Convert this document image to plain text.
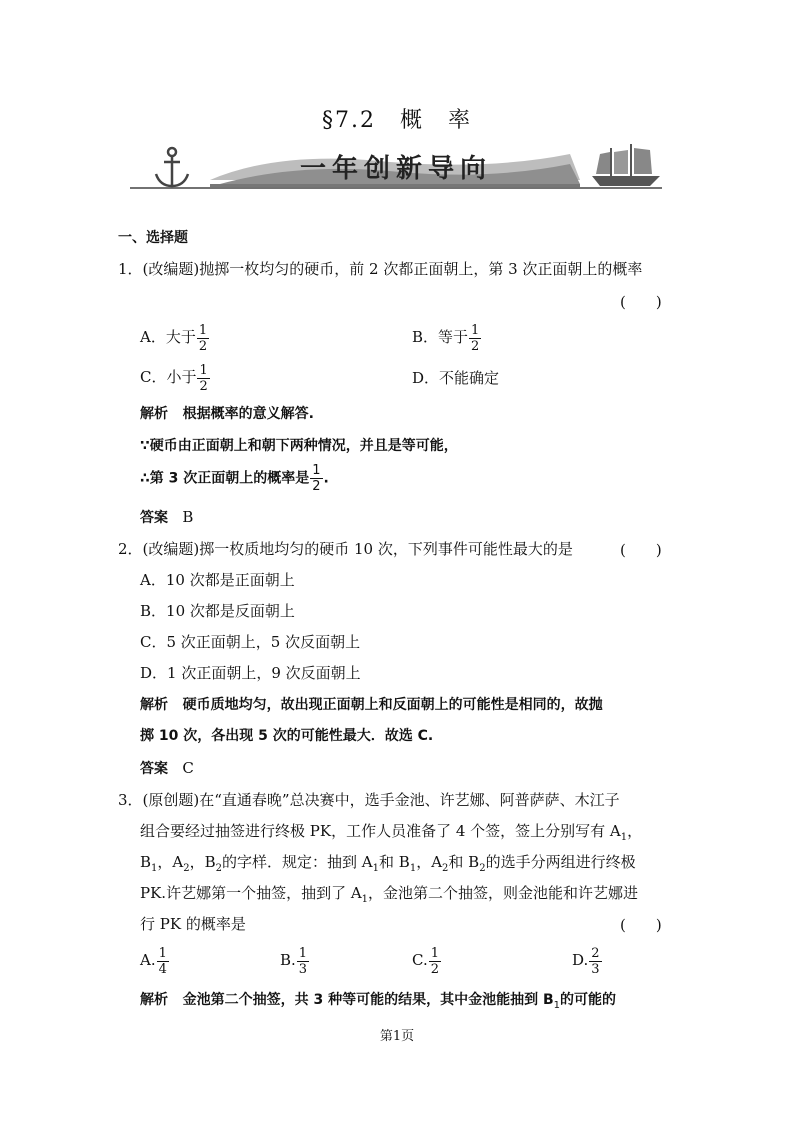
§7.2　概　率
一年创新导向
一、选择题
1．(改编题)抛掷一枚均匀的硬币，前 2 次都正面朝上，第 3 次正面朝上的概率
(　　)
A．大于 $\frac{1}{2}$	B．等于 $\frac{1}{2}$
C．小于 $\frac{1}{2}$	D．不能确定
解析 根据概率的意义解答.
∵硬币由正面朝上和朝下两种情况，并且是等可能，
∴第 3 次正面朝上的概率是 $\frac{1}{2}$ .
答案 B
2．(改编题)掷一枚质地均匀的硬币 10 次，下列事件可能性最大的是	(　　)
A．10 次都是正面朝上
B．10 次都是反面朝上
C．5 次正面朝上，5 次反面朝上
D．1 次正面朝上，9 次反面朝上
解析 硬币质地均匀，故出现正面朝上和反面朝上的可能性是相同的，故抛
掷 10 次，各出现 5 次的可能性最大．故选 C.
答案 C
3．(原创题)在“直通春晚”总决赛中，选手金池、许艺娜、阿普萨萨、木江子
组合要经过抽签进行终极 PK，工作人员准备了 4 个签，签上分别写有 $A_1$，
$B_1$，$A_2$，$B_2$的字样．规定：抽到 $A_1$和 $B_1$，$A_2$和 $B_2$的选手分两组进行终极
PK.许艺娜第一个抽签，抽到了 $A_1$，金池第二个抽签，则金池能和许艺娜进
行 PK 的概率是	(　　)
A. $\frac{1}{4}$	B. $\frac{1}{3}$	C. $\frac{1}{2}$	D. $\frac{2}{3}$
解析 金池第二个抽签，共 3 种等可能的结果，其中金池能抽到 $B_1$的可能的
第1页
